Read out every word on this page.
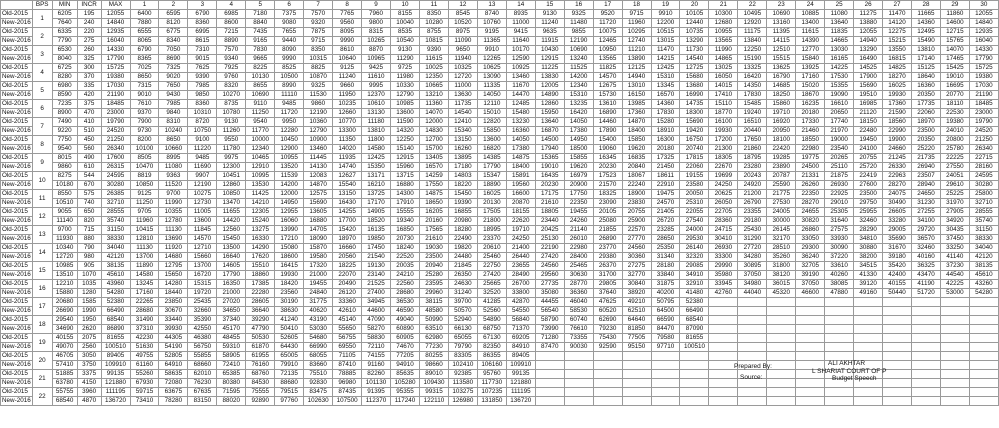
	BPS	MIN	INCR	MAX	1	2	3	4	5	6	7	8	9	10	11	12	13	14	15	16	17	18	19	20	21	22	23	24	25	26	27	28	29	30
Old-2015	1	6205	195	12055	6400	6595	6790	6985	7180	7375	7570	7765	7960	8155	8350	8545	8740	8935	9130	9325	9520	9715	9910	10105	10300	10495	10690	10885	11080	11275	11470	11665	11860	12055
New-2016		7640	240	14840	7880	8120	8360	8600	8840	9080	9320	9560	9800	10040	10280	10520	10760	11000	11240	11480	11720	11960	12200	12440	12680	12920	13160	13400	13640	13880	14120	14360	14600	14840
Old-2015	2	6335	220	12935	6555	6775	6995	7215	7435	7655	7875	8095	8315	8535	8755	8975	9195	9415	9635	9855	10075	10295	10515	10735	10955	11175	11395	11615	11835	12055	12275	12495	12715	12935
New-2016		7790	275	16040	8065	8340	8615	8890	9165	9440	9715	9990	10265	10540	10815	11090	11365	11640	11915	12190	12465	12740	13015	13290	13565	13840	14115	14390	14665	14940	15215	15490	15765	16040
Old-2015	3	6530	260	14330	6790	7050	7310	7570	7830	8090	8350	8610	8870	9130	9390	9650	9910	10170	10430	10690	10950	11210	11470	11730	11990	12250	12510	12770	13030	13290	13550	13810	14070	14330
New-2016		8040	325	17790	8365	8690	9015	9340	9665	9990	10315	10640	10965	11290	11615	11940	12265	12590	12915	13240	13565	13890	14215	14540	14865	15190	15515	15840	16165	16490	16815	17140	17465	17790
Old-2015	4	6725	300	15725	7025	7325	7625	7925	8225	8525	8825	9125	9425	9725	10025	10325	10625	10925	11225	11525	11825	12125	12425	12725	13025	13325	13625	13925	14225	14525	14825	15125	15425	15725
New-2016		8280	370	19380	8650	9020	9390	9760	10130	10500	10870	11240	11610	11980	12350	12720	13090	13460	13830	14200	14570	14940	15310	15680	16050	16420	16790	17160	17530	17900	18270	18640	19010	19380
Old-2015	5	6980	335	17030	7315	7650	7985	8320	8655	8990	9325	9660	9995	10330	10665	11000	11335	11670	12005	12340	12675	13010	13345	13680	14015	14350	14685	15020	15355	15690	16025	16360	16695	17030
New-2016		8590	420	21190	9010	9430	9850	10270	10690	11110	11530	11950	12370	12790	13210	13630	14050	14470	14890	15310	15730	16150	16570	16990	17410	17830	18250	18670	19090	19510	19930	20350	20770	21190
Old-2015	6	7235	375	18485	7610	7985	8360	8735	9110	9485	9860	10235	10610	10985	11360	11735	12110	12485	12860	13235	13610	13985	14360	14735	15110	15485	15860	16235	16610	16985	17360	17735	18110	18485
New-2016		8900	470	23000	9370	9840	10310	10780	11250	11720	12190	12660	13130	13600	14070	14540	15010	15480	15950	16420	16890	17360	17830	18300	18770	19240	19710	20180	20650	21120	21590	22060	22530	23000
Old-2015	7	7490	410	19790	7900	8310	8720	9130	9540	9950	10360	10770	11180	11590	12000	12410	12820	13230	13640	14050	14460	14870	15280	15690	16100	16510	16920	17330	17740	18150	18560	18970	19380	19790
New-2016		9220	510	24520	9730	10240	10750	11260	11770	12280	12790	13300	13810	14320	14830	15340	15850	16360	16870	17380	17890	18400	18910	19420	19930	20440	20950	21460	21970	22480	22990	23500	24010	24520
Old-2015	8	7750	450	21250	8200	8650	9100	9550	10000	10450	10900	11350	11800	12250	12700	13150	13600	14050	14500	14950	15400	15850	16300	16750	17200	17650	18100	18550	19000	19450	19900	20350	20800	21250
New-2016		9540	560	26340	10100	10660	11220	11780	12340	12900	13460	14020	14580	15140	15700	16260	16820	17380	17940	18500	19060	19620	20180	20740	21300	21860	22420	22980	23540	24100	24660	25220	25780	26340
Old-2015	9	8015	490	17600	8505	8995	9485	9975	10465	10955	11445	11935	12425	12915	13405	13895	14385	14875	15365	15855	16345	16835	17325	17815	18305	18795	19285	19775	20265	20755	21245	21735	22225	22715
New-2016		9860	610	26315	10470	11080	11690	12300	12910	13520	14130	14740	15350	15960	16570	17180	17790	18400	19010	19620	20230	20840	21450	22060	22670	23280	23890	24500	25110	25720	26330	26940	27550	28160
Old-2015	10	8275	544	24595	8819	9363	9907	10451	10995	11539	12083	12627	13171	13715	14259	14803	15347	15891	16435	16979	17523	18067	18611	19155	19699	20243	20787	21331	21875	22419	22963	23507	24051	24595
New-2016		10180	670	30280	10850	11520	12190	12860	13530	14200	14870	15540	16210	16880	17550	18220	18890	19560	20230	20900	21570	22240	22910	23580	24250	24920	25590	26260	26930	27600	28270	28940	29610	30280
Old-2015	11	8550	575	26385	9125	9700	10275	10850	11425	12000	12575	13150	13725	14300	14875	15450	16025	16600	17175	17750	18325	18900	19475	20050	20625	21200	21775	22350	22925	23500	24075	24650	25225	25800
New-2016		10510	740	32710	11250	11990	12730	13470	14210	14950	15690	16430	17170	17910	18650	19390	20130	20870	21610	22350	23090	23830	24570	25310	26050	26790	27530	28270	29010	29750	30490	31230	31970	32710
Old-2015	12	9055	650	28555	9705	10355	11005	11655	12305	12955	13605	14255	14905	15555	16205	16855	17505	18155	18805	19455	20105	20755	21405	22055	22705	23355	24005	24655	25305	25955	26605	27255	27905	28555
New-2016		11140	820	35740	11960	12780	13600	14420	15240	16060	16880	17700	18520	19340	20160	20980	21800	22620	23440	24260	25080	25900	26720	27540	28360	29180	30000	30820	31640	32460	33280	34100	34920	35740
Old-2015	13	9700	715	31150	10415	11130	11845	12560	13275	13990	14705	15420	16135	16850	17565	18280	18995	19710	20425	21140	21855	22570	23285	24000	24715	25430	26145	26860	27575	28290	29005	29720	30435	31150
New-2016		11930	880	38330	12810	13690	14570	15450	16330	17210	18090	18970	19850	20730	21610	22490	23370	24250	25130	26010	26890	27770	28650	29530	30410	31290	32170	33050	33930	34810	35690	36570	37450	38330
Old-2015	14	10340	790	34040	11130	11920	12710	13500	14290	15080	15870	16660	17450	18240	19030	19820	20610	21400	22190	22980	23770	24560	25350	26140	26930	27720	28510	29300	30090	30880	31670	32460	33250	34040
New-2016		12720	980	42120	13700	14680	15660	16640	17620	18600	19580	20560	21540	22520	23500	24480	25460	26440	27420	28400	29380	30360	31340	32320	33300	34280	35260	36240	37220	38200	39180	40160	41140	42120
Old-2015	15	10985	905	38135	11890	12795	13700	14605	15510	16415	17320	18225	19130	20035	20940	21845	22750	23655	24560	25465	26370	27275	28180	29085	29990	30895	31800	32705	33610	34515	35420	36325	37230	38135
New-2016		13510	1070	45610	14580	15650	16720	17790	18860	19930	21000	22070	23140	24210	25280	26350	27420	28490	29560	30630	31700	32770	33840	34910	35980	37050	38120	39190	40260	41330	42400	43470	44540	45610
Old-2015	16	12210	1035	43960	13245	14280	15315	16350	17385	18420	19455	20490	21525	22560	23595	24630	25665	26700	27735	28770	29805	30840	31875	32910	33945	34980	36015	37050	38085	39120	40155	41190	42225	43260
New-2016		15880	1280	54280	17160	18440	19720	21000	22280	23560	24840	26120	27400	28680	29960	31240	32520	33800	35080	36360	37640	38920	40200	41480	42760	44040	45320	46600	47880	49160	50440	51720	53000	54280
Old-2015	17	20680	1585	52380	22265	23850	25435	27020	28605	30190	31775	33360	34945	36530	38115	39700	41285	42870	44455	46040	47625	49210	50795	52380										
New-2016		26690	1990	66490	28680	30670	32660	34650	36640	38630	40620	42610	44600	46590	48580	50570	52560	54550	56540	58530	60520	62510	64500	66490										
Old-2015	18	29540	1950	68540	31490	33440	35390	37340	39290	41240	43190	45140	47090	49040	50990	52940	54890	56840	58790	60740	62690	64640	66590	68540										
New-2016		34690	2620	86890	37310	39930	42550	45170	47790	50410	53030	55650	58270	60890	63510	66130	68750	71370	73990	76610	79230	81850	84470	87090										
Old-2015	19	40155	2075	81655	42230	44305	46380	48455	50530	52605	54680	56755	58830	60905	62980	65055	67130	69205	71280	73355	75430	77505	79580	81655										
New-2016		49070	2560	100510	51630	54190	56750	59310	61870	64430	66990	69550	72110	74670	77230	79790	82350	84910	87470	90030	92590	95150	97710	100510										
Old-2015	20	46705	3050	89405	49755	52805	55855	58905	61955	65005	68055	71105	74155	77205	80255	83305	86355	89405																
New-2016		57410	3750	109910	61160	64910	68660	72410	76160	79910	83660	87410	91160	94910	98660	102410	106160	109910																
Old-2015	21	51885	3375	99135	55260	58635	62010	65385	68760	72135	75510	78885	82260	85635	89010	92385	95760	99135																
New-2016		63780	4150	121880	67930	72080	76230	80380	84530	88680	92830	96980	101130	105280	109430	113580	117730	121880																
Old-2015	22	55755	3960	111195	59715	63675	67635	71595	75555	79515	83475	87435	91395	95355	99315	103275	107235	111195																
New-2016		68540	4870	136720	73410	78280	83150	88020	92890	97760	102630	107500	112370	117240	122110	126980	131850	136720																
Prepared By:	ALI AKHTAR
L SHARIAT COURT OF P
Source:	Budget Speech
